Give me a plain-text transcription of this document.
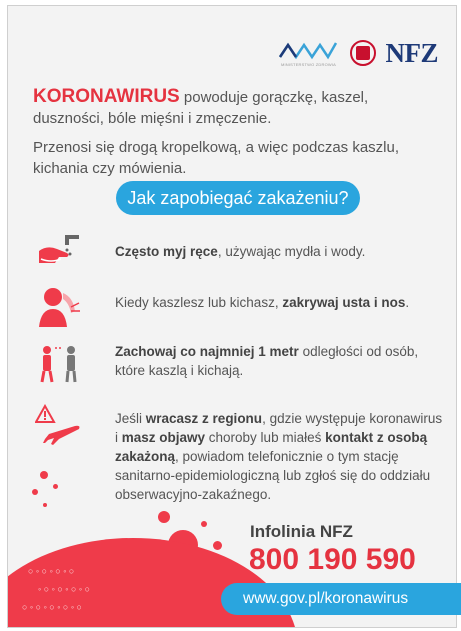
MINISTERSTWO ZDROWIA NFZ
KORONAWIRUS powoduje gorączkę, kaszel, duszności, bóle mięśni i zmęczenie.
Przenosi się drogą kropelkową, a więc podczas kaszlu, kichania czy mówienia.
Jak zapobiegać zakażeniu?
Często myj ręce, używając mydła i wody.
Kiedy kaszlesz lub kichasz, zakrywaj usta i nos.
Zachowaj co najmniej 1 metr odległości od osób, które kaszlą i kichają.
Jeśli wracasz z regionu, gdzie występuje koronawirus i masz objawy choroby lub miałeś kontakt z osobą zakażoną, powiadom telefonicznie o tym stację sanitarno-epidemiologiczną lub zgłoś się do oddziału obserwacyjno-zakaźnego.
○ ◦ ○ ◦ ○ ◦ ○
◦ ○ ◦ ○ ◦ ○ ◦ ○
○ ◦ ○ ◦ ○ ◦ ○ ◦ ○
Infolinia NFZ
800 190 590
www.gov.pl/koronawirus
